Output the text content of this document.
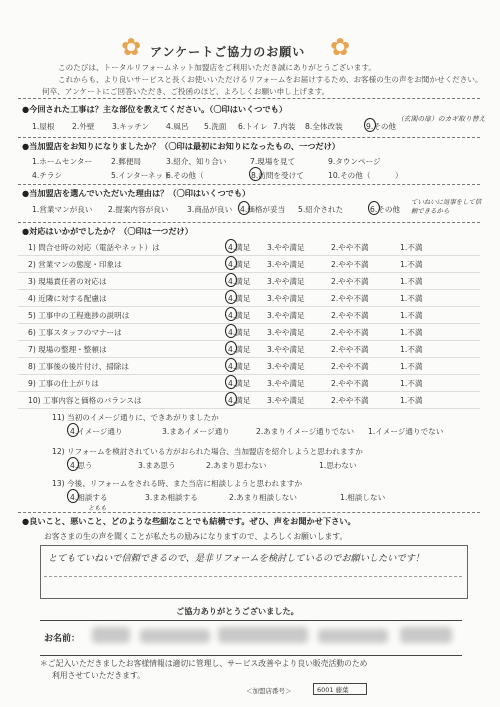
✿	✿
アンケートご協力のお願い
このたびは、トータルリフォームネット加盟店をご利用いただき誠にありがとうございます。
これからも、より良いサービスと長くお使いいただけるリフォームをお届けするため、お客様の生の声をお聞かせください。
何卒、アンケートにご回答いただき、ご投函のほど、よろしくお願い申し上げます。
●今回された工事は？主な部位を教えてください。（〇印はいくつでも）
1.屋根 2.外壁 3.キッチン 4.風呂 5.洗面 6.トイレ 7.内装 8.全体改装	9.その他
（玄関の扉）のカギ取り替え
●当加盟店をお知りになりましたか？（〇印は最初にお知りになったもの、一つだけ）
1.ホームセンター 2.郵便局	3.紹介、知り合い	7.現場を見て	9.タウンページ
4.チラシ	5.インターネット
6.その他（	8.訪問を受けて	10.その他（	）
●当加盟店を選んでいただいた理由は？（〇印はいくつでも）
1.営業マンが良い 2.提案内容が良い 3.商品が良い 4.価格が妥当 5.紹介された	6.その他
ていねいに返事をして信頼できるから
●対応はいかがでしたか？（〇印は一つだけ）
11) 当初のイメージ通りに、できあがりましたか
4.イメージ通り	3.まあイメージ通り	2.あまりイメージ通りでない 1.イメージ通りでない
12) リフォームを検討されている方がおられた場合、当加盟店を紹介しようと思われますか
4.思う	3.まあ思う	2.あまり思わない	1.思わない
13) 今後、リフォームをされる時、また当店に相談しようと思われますか
4.相談する
ともも
3.まあ相談する	2.あまり相談しない	1.相談しない
●良いこと、悪いこと、どのような些細なことでも結構です。ぜひ、声をお聞かせ下さい。
お客さまの生の声を聞くことが私たちの励みになりますので、よろしくお願いします。
とてもていねいで信頼できるので、是非リフォームを検討しているのでお願いしたいです！
ご協力ありがとうございました。
お名前：
＊ご記入いただきましたお客様情報は適切に管理し、サービス改善やより良い販売活動のため
利用させていただきます。
＜加盟店番号＞	6001 藤葉
1) 問合せ時の対応（電話やネット）は	4.満足 3.やや満足	2.やや不満	1.不満
2) 営業マンの態度・印象は	4.満足 3.やや満足	2.やや不満	1.不満
3) 現場責任者の対応は	4.満足 3.やや満足	2.やや不満	1.不満
4) 近隣に対する配慮は	4.満足 3.やや満足	2.やや不満	1.不満
5) 工事中の工程進捗の説明は	4.満足 3.やや満足	2.やや不満	1.不満
6) 工事スタッフのマナーは	4.満足 3.やや満足	2.やや不満	1.不満
7) 現場の整理・整頓は	4.満足 3.やや満足	2.やや不満	1.不満
8) 工事後の後片付け、掃除は	4.満足 3.やや満足	2.やや不満	1.不満
9) 工事の仕上がりは	4.満足 3.やや満足	2.やや不満	1.不満
10) 工事内容と価格のバランスは	4.満足 3.やや満足	2.やや不満	1.不満
